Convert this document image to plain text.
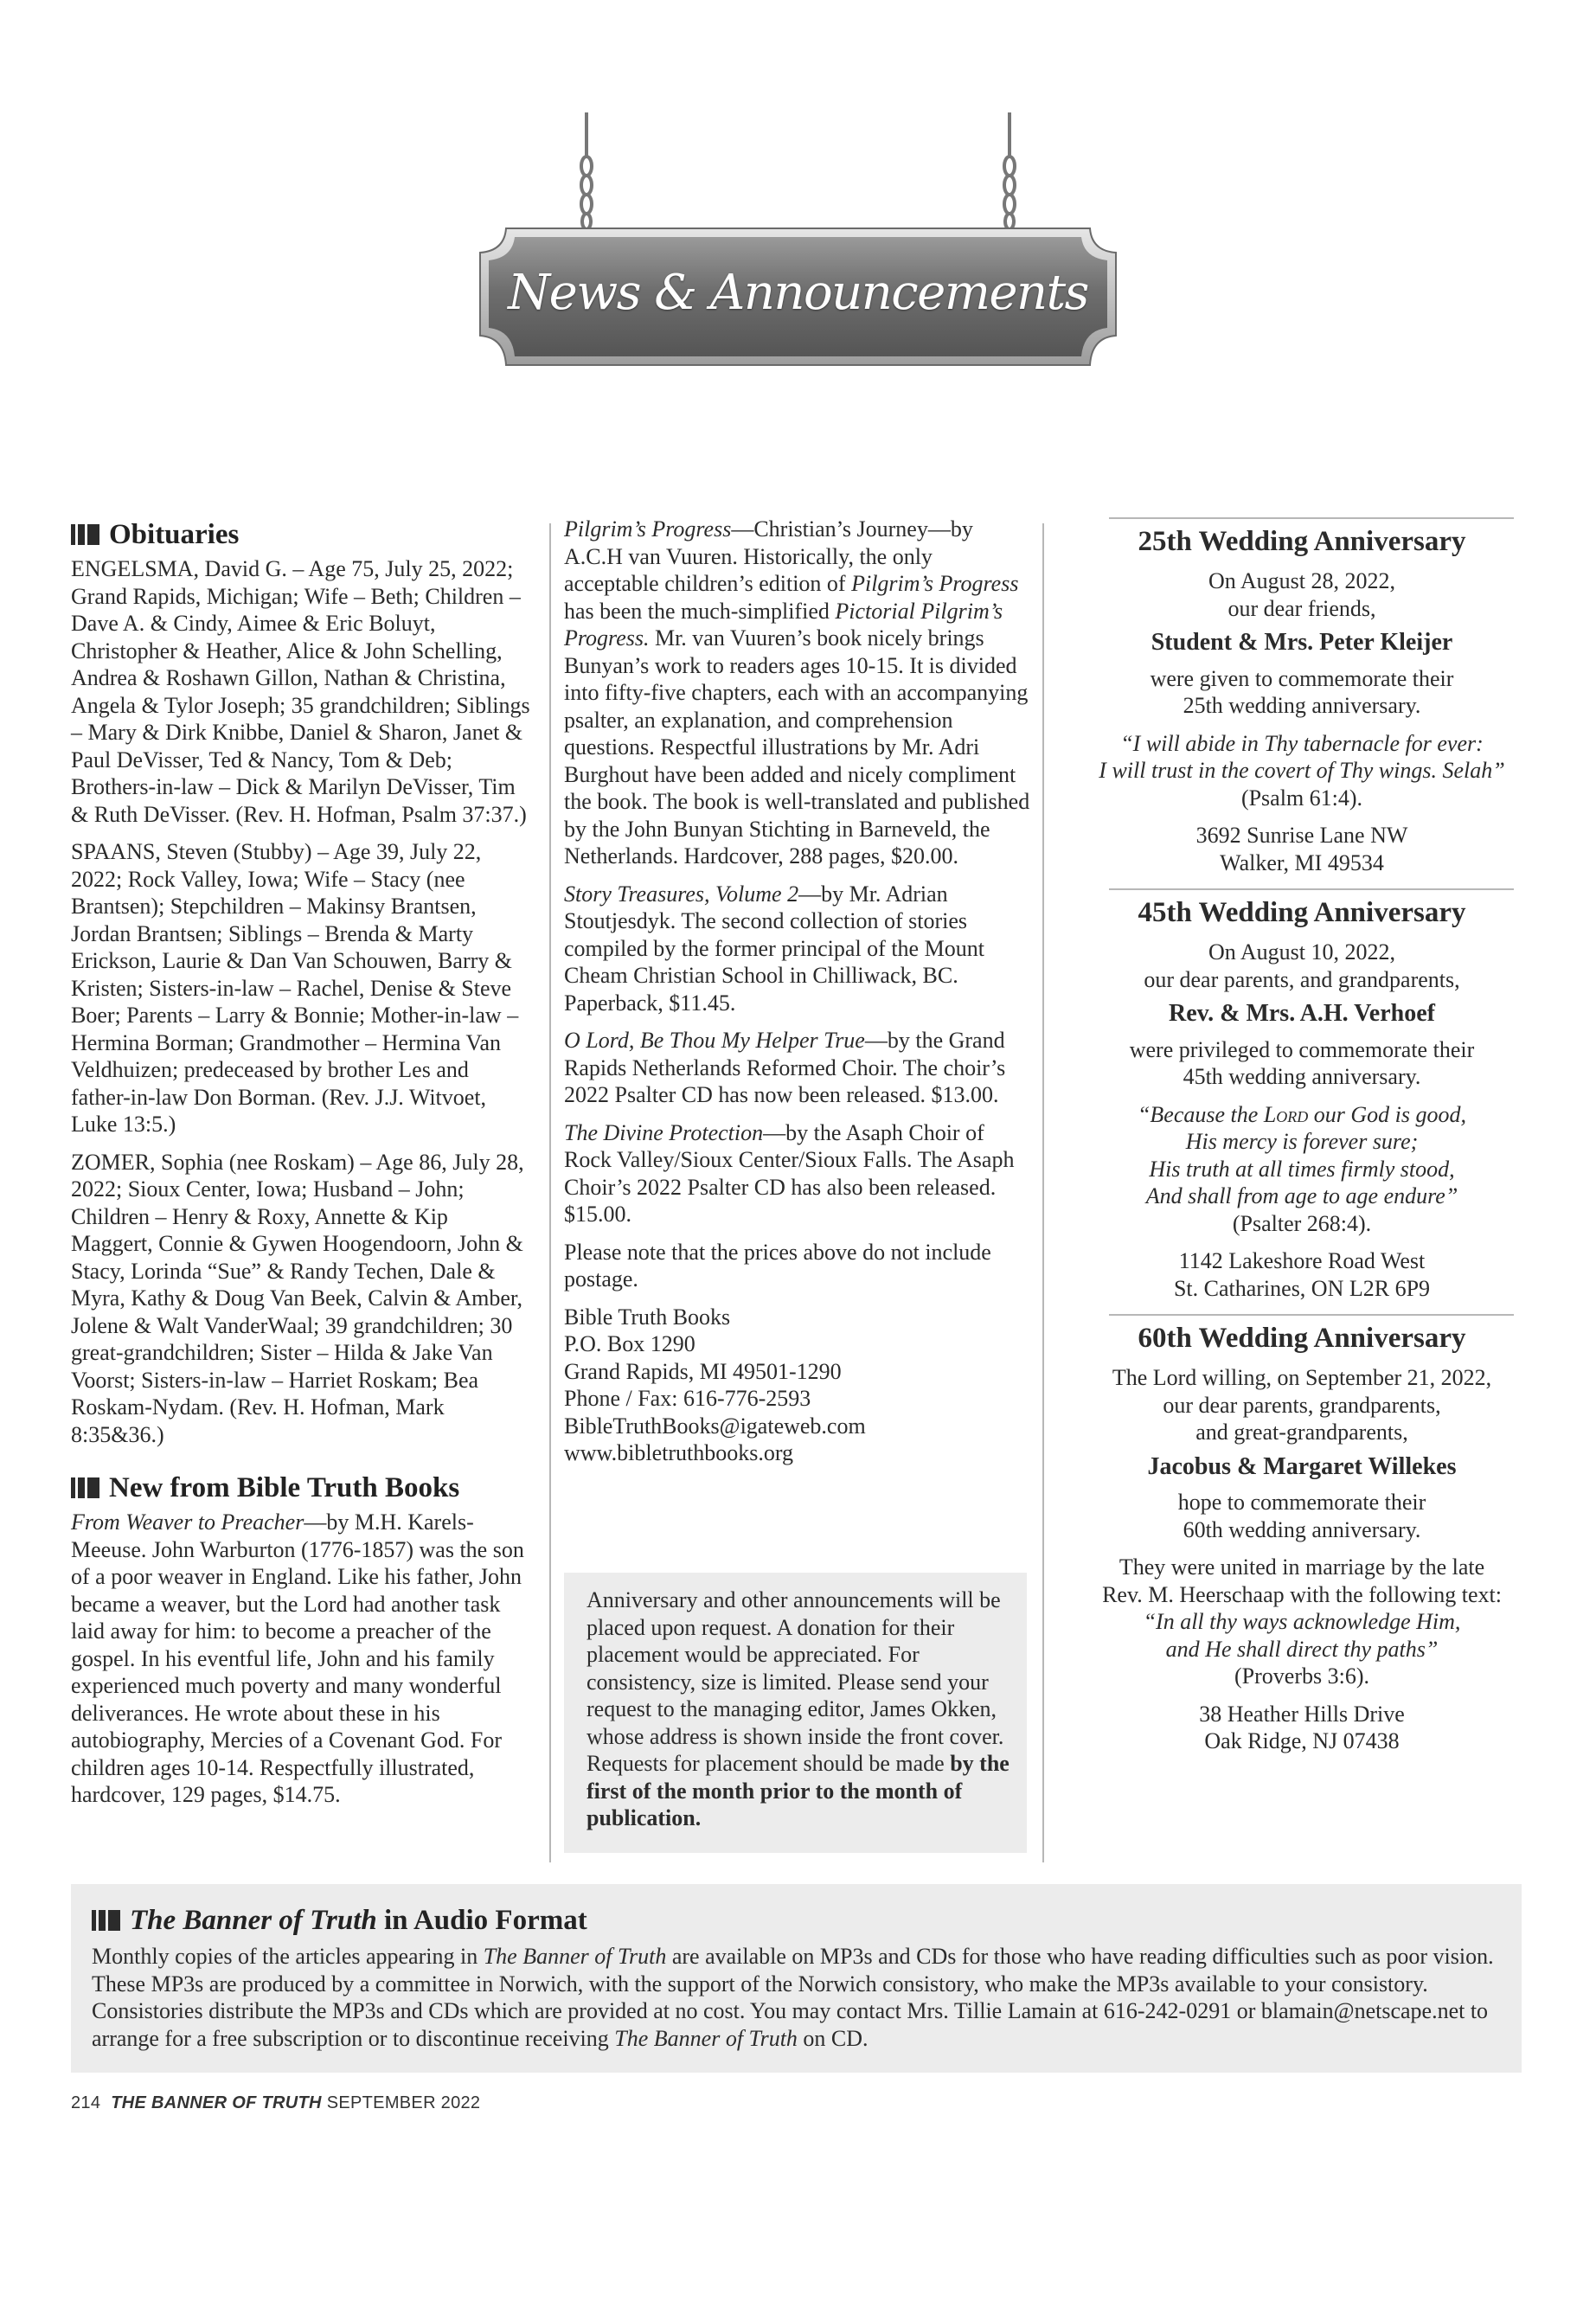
News & Announcements
Obituaries

ENGELSMA, David G. – Age 75, July 25, 2022; Grand Rapids, Michigan; Wife – Beth; Children – Dave A. & Cindy, Aimee & Eric Boluyt, Christopher & Heather, Alice & John Schelling, Andrea & Roshawn Gillon, Nathan & Christina, Angela & Tylor Joseph; 35 grandchildren; Siblings – Mary & Dirk Knibbe, Daniel & Sharon, Janet & Paul DeVisser, Ted & Nancy, Tom & Deb; Brothers-in-law – Dick & Marilyn DeVisser, Tim & Ruth DeVisser. (Rev. H. Hofman, Psalm 37:37.)

SPAANS, Steven (Stubby) – Age 39, July 22, 2022; Rock Valley, Iowa; Wife – Stacy (nee Brantsen); Stepchildren – Makinsy Brantsen, Jordan Brantsen; Siblings – Brenda & Marty Erickson, Laurie & Dan Van Schouwen, Barry & Kristen; Sisters-in-law – Rachel, Denise & Steve Boer; Parents – Larry & Bonnie; Mother-in-law – Hermina Borman; Grandmother – Hermina Van Veldhuizen; predeceased by brother Les and father-in-law Don Borman. (Rev. J.J. Witvoet, Luke 13:5.)

ZOMER, Sophia (nee Roskam) – Age 86, July 28, 2022; Sioux Center, Iowa; Husband – John; Children – Henry & Roxy, Annette & Kip Maggert, Connie & Gywen Hoogendoorn, John & Stacy, Lorinda “Sue” & Randy Techen, Dale & Myra, Kathy & Doug Van Beek, Calvin & Amber, Jolene & Walt VanderWaal; 39 grandchildren; 30 great-grandchildren; Sister – Hilda & Jake Van Voorst; Sisters-in-law – Harriet Roskam; Bea Roskam-Nydam. (Rev. H. Hofman, Mark 8:35&36.)

New from Bible Truth Books

From Weaver to Preacher—by M.H. Karels-Meeuse. John Warburton (1776-1857) was the son of a poor weaver in England. Like his father, John became a weaver, but the Lord had another task laid away for him: to become a preacher of the gospel. In his eventful life, John and his family experienced much poverty and many wonderful deliverances. He wrote about these in his autobiography, Mercies of a Covenant God. For children ages 10-14. Respectfully illustrated, hardcover, 129 pages, $14.75.

Pilgrim’s Progress—Christian’s Journey—by A.C.H van Vuuren. Historically, the only acceptable children’s edition of Pilgrim’s Progress has been the much-simplified Pictorial Pilgrim’s Progress. Mr. van Vuuren’s book nicely brings Bunyan’s work to readers ages 10-15. It is divided into fifty-five chapters, each with an accompanying psalter, an explanation, and comprehension questions. Respectful illustrations by Mr. Adri Burghout have been added and nicely compliment the book. The book is well-translated and published by the John Bunyan Stichting in Barneveld, the Netherlands. Hardcover, 288 pages, $20.00.

Story Treasures, Volume 2—by Mr. Adrian Stoutjesdyk. The second collection of stories compiled by the former principal of the Mount Cheam Christian School in Chilliwack, BC. Paperback, $11.45.

O Lord, Be Thou My Helper True—by the Grand Rapids Netherlands Reformed Choir. The choir’s 2022 Psalter CD has now been released. $13.00.

The Divine Protection—by the Asaph Choir of Rock Valley/Sioux Center/Sioux Falls. The Asaph Choir’s 2022 Psalter CD has also been released. $15.00.

Please note that the prices above do not include postage.

Bible Truth Books
P.O. Box 1290
Grand Rapids, MI 49501-1290
Phone / Fax: 616-776-2593
BibleTruthBooks@igateweb.com
www.bibletruthbooks.org
Anniversary and other announcements will be placed upon request. A donation for their placement would be appreciated. For consistency, size is limited. Please send your request to the managing editor, James Okken, whose address is shown inside the front cover. Requests for placement should be made by the first of the month prior to the month of publication.
25th Wedding Anniversary

On August 28, 2022,

our dear friends,

Student & Mrs. Peter Kleijer

were given to commemorate their

25th wedding anniversary.

“I will abide in Thy tabernacle for ever:

I will trust in the covert of Thy wings. Selah”

(Psalm 61:4).

3692 Sunrise Lane NW

Walker, MI 49534

45th Wedding Anniversary

On August 10, 2022,

our dear parents, and grandparents,

Rev. & Mrs. A.H. Verhoef

were privileged to commemorate their

45th wedding anniversary.

“Because the Lord our God is good,

His mercy is forever sure;

His truth at all times firmly stood,

And shall from age to age endure”

(Psalter 268:4).

1142 Lakeshore Road West

St. Catharines, ON L2R 6P9

60th Wedding Anniversary

The Lord willing, on September 21, 2022,

our dear parents, grandparents,

and great-grandparents,

Jacobus & Margaret Willekes

hope to commemorate their

60th wedding anniversary.

They were united in marriage by the late

Rev. M. Heerschaap with the following text:

“In all thy ways acknowledge Him,

and He shall direct thy paths”

(Proverbs 3:6).

38 Heather Hills Drive

Oak Ridge, NJ 07438

The Banner of Truth in Audio Format

Monthly copies of the articles appearing in The Banner of Truth are available on MP3s and CDs for those who have reading difficulties such as poor vision. These MP3s are produced by a committee in Norwich, with the support of the Norwich consistory, who make the MP3s available to your consistory. Consistories distribute the MP3s and CDs which are provided at no cost. You may contact Mrs. Tillie Lamain at 616-242-0291 or blamain@netscape.net to arrange for a free subscription or to discontinue receiving The Banner of Truth on CD.

214 THE BANNER OF TRUTH SEPTEMBER 2022
